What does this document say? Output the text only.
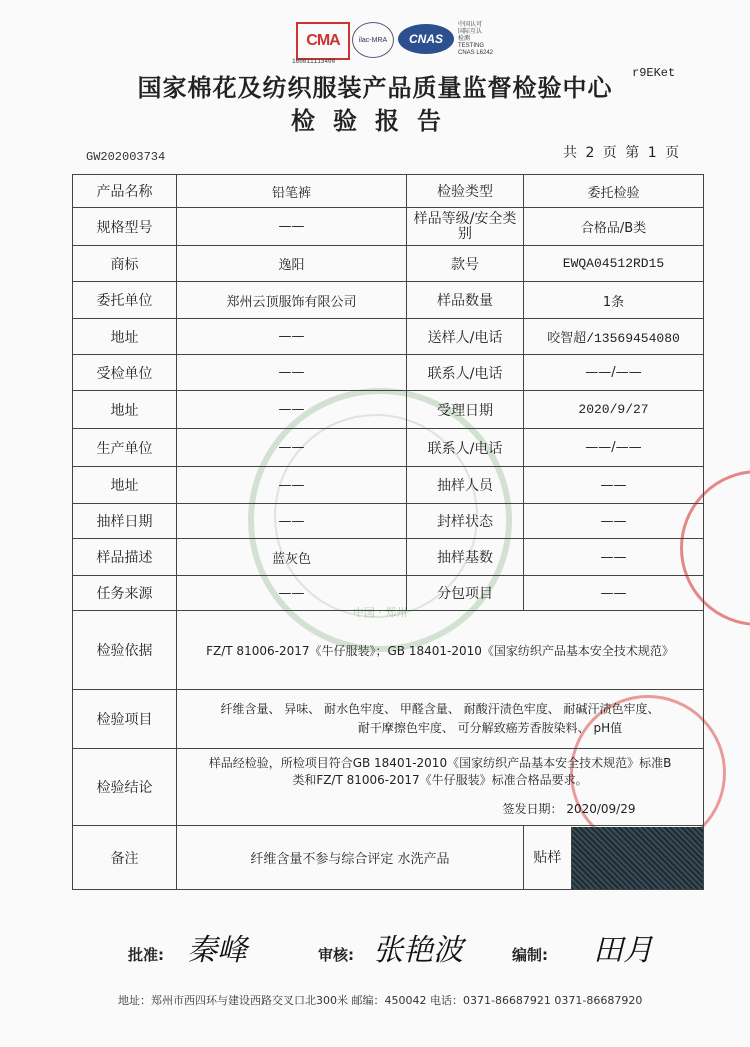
CMA
160011113400
ilac-MRA CNAS
中国认可
国际互认
检测
TESTING
CNAS L6242
国家棉花及纺织服装产品质量监督检验中心
检验报告
r9EKet
GW202003734	共 2 页 第 1 页
中国 · 郑州
产品名称	铅笔裤	检验类型	委托检验
规格型号	——	样品等级/安全类别	合格品/B类
商标	逸阳	款号	EWQA04512RD15
委托单位	郑州云顶服饰有限公司	样品数量	1条
地址	——	送样人/电话	咬智超/13569454080
受检单位	——	联系人/电话	——/——
地址	——	受理日期	2020/9/27
生产单位	——	联系人/电话	——/——
地址	——	抽样人员	——
抽样日期	——	封样状态	——
样品描述	蓝灰色	抽样基数	——
任务来源	——	分包项目	——
检验依据	FZ/T 81006-2017《牛仔服装》；GB 18401-2010《国家纺织产品基本安全技术规范》		
检验项目	纤维含量、 异味、 耐水色牢度、 甲醛含量、 耐酸汗渍色牢度、 耐碱汗渍色牢度、
耐干摩擦色牢度、 可分解致癌芳香胺染料、 pH值		

检验结论	样品经检验，所检项目符合GB 18401-2010《国家纺织产品基本安全技术规范》标准B
类和FZ/T 81006-2017《牛仔服装》标准合格品要求。
签发日期： 2020/09/29		

备注	纤维含量不参与综合评定 水洗产品		贴样
批准: 秦峰	审核: 张艳波	编制: 田月
地址：郑州市西四环与建设西路交叉口北300米 邮编：450042 电话：0371-86687921 0371-86687920
